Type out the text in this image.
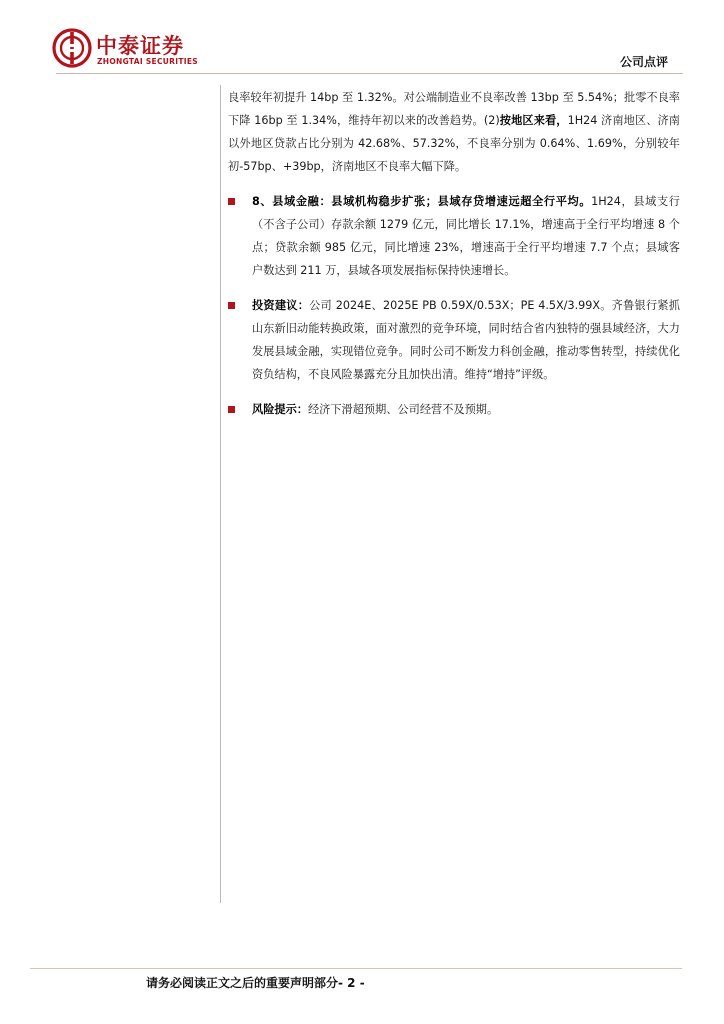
中泰证券
ZHONGTAI SECURITIES	公司点评
良率较年初提升 14bp 至 1.32%。对公端制造业不良率改善 13bp 至 5.54%；批零不良率下降 16bp 至 1.34%，维持年初以来的改善趋势。(2)按地区来看，1H24 济南地区、济南以外地区贷款占比分别为 42.68%、57.32%，不良率分别为 0.64%、1.69%，分别较年初-57bp、+39bp，济南地区不良率大幅下降。
8、县域金融：县域机构稳步扩张；县域存贷增速远超全行平均。1H24，县域支行（不含子公司）存款余额 1279 亿元，同比增长 17.1%，增速高于全行平均增速 8 个点；贷款余额 985 亿元，同比增速 23%，增速高于全行平均增速 7.7 个点；县域客户数达到 211 万，县域各项发展指标保持快速增长。
投资建议：公司 2024E、2025E PB 0.59X/0.53X；PE 4.5X/3.99X。齐鲁银行紧抓山东新旧动能转换政策，面对激烈的竞争环境，同时结合省内独特的强县域经济，大力发展县域金融，实现错位竞争。同时公司不断发力科创金融，推动零售转型，持续优化资负结构，不良风险暴露充分且加快出清。维持“增持”评级。
风险提示：经济下滑超预期、公司经营不及预期。
请务必阅读正文之后的重要声明部分- 2 -
